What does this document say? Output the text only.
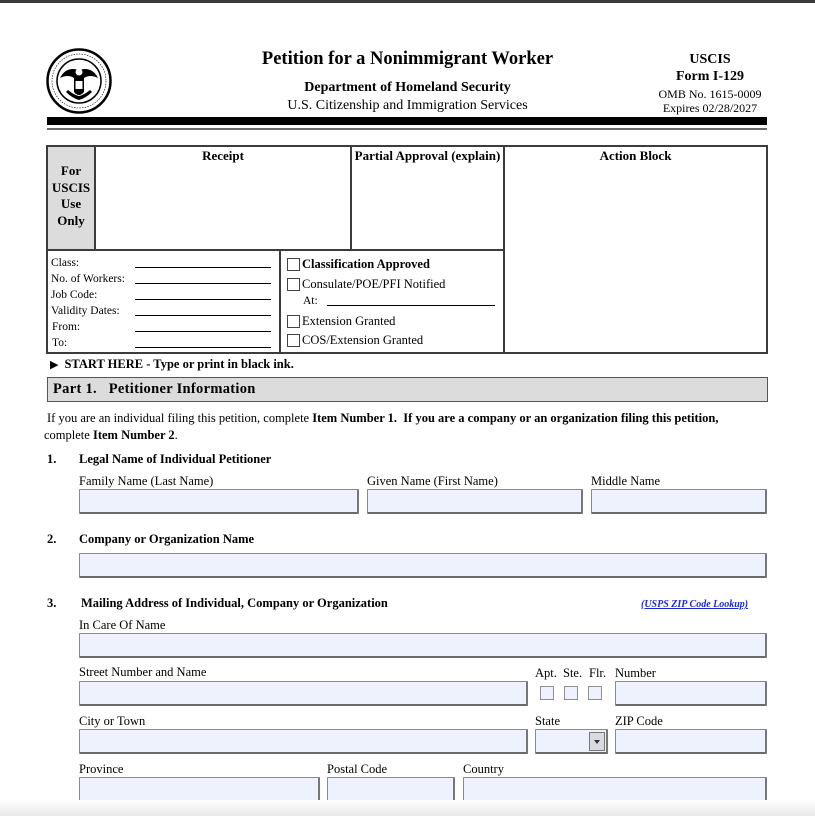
Petition for a Nonimmigrant Worker
Department of Homeland Security
U.S. Citizenship and Immigration Services
USCIS
Form I-129
OMB No. 1615-0009
Expires 02/28/2027
For
USCIS
Use
Only
Receipt	Partial Approval (explain)	Action Block
Class:
No. of Workers:
Job Code:
Validity Dates:
From:
To:
Classification Approved
Consulate/POE/PFI Notified
At:
Extension Granted
COS/Extension Granted
▶ START HERE - Type or print in black ink.
Part 1.   Petitioner Information
If you are an individual filing this petition, complete Item Number 1. If you are a company or an organization filing this petition,
complete Item Number 2.
1. Legal Name of Individual Petitioner
Family Name (Last Name)	Given Name (First Name)	Middle Name
2. Company or Organization Name
3. Mailing Address of Individual, Company or Organization	(USPS ZIP Code Lookup)
In Care Of Name
Street Number and Name	Apt. Ste. Flr. Number
City or Town	State	ZIP Code
Province	Postal Code	Country
